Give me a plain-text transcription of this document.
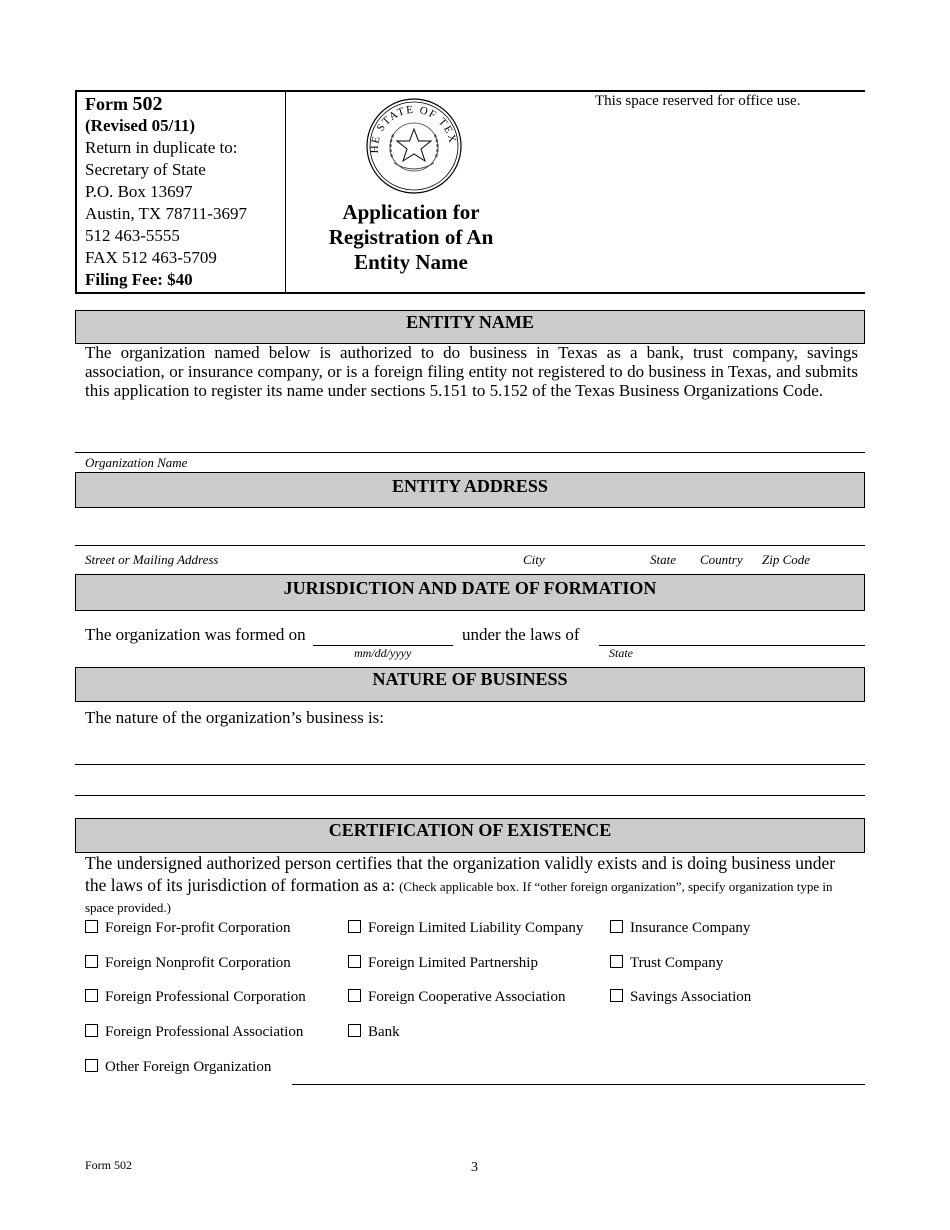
Form 502
(Revised 05/11)
Return in duplicate to:
Secretary of State
P.O. Box 13697
Austin, TX 78711-3697
512 463-5555
FAX 512 463-5709
Filing Fee: $40
HE STATE OF TEX
Application for
Registration of An
Entity Name
This space reserved for office use.
ENTITY NAME
The organization named below is authorized to do business in Texas as a bank, trust company, savings association, or insurance company, or is a foreign filing entity not registered to do business in Texas, and submits this application to register its name under sections 5.151 to 5.152 of the Texas Business Organizations Code.
Organization Name
ENTITY ADDRESS
Street or Mailing Address	City	State Country Zip Code
JURISDICTION AND DATE OF FORMATION
The organization was formed on
mm/dd/yyyy
under the laws of
State
NATURE OF BUSINESS
The nature of the organization’s business is:
CERTIFICATION OF EXISTENCE
The undersigned authorized person certifies that the organization validly exists and is doing business under the laws of its jurisdiction of formation as a: (Check applicable box. If “other foreign organization”, specify organization type in space provided.)
Foreign For-profit Corporation	Foreign Limited Liability Company	Insurance Company
Foreign Nonprofit Corporation	Foreign Limited Partnership	Trust Company
Foreign Professional Corporation	Foreign Cooperative Association	Savings Association
Foreign Professional Association	Bank
Other Foreign Organization
Form 502	3
